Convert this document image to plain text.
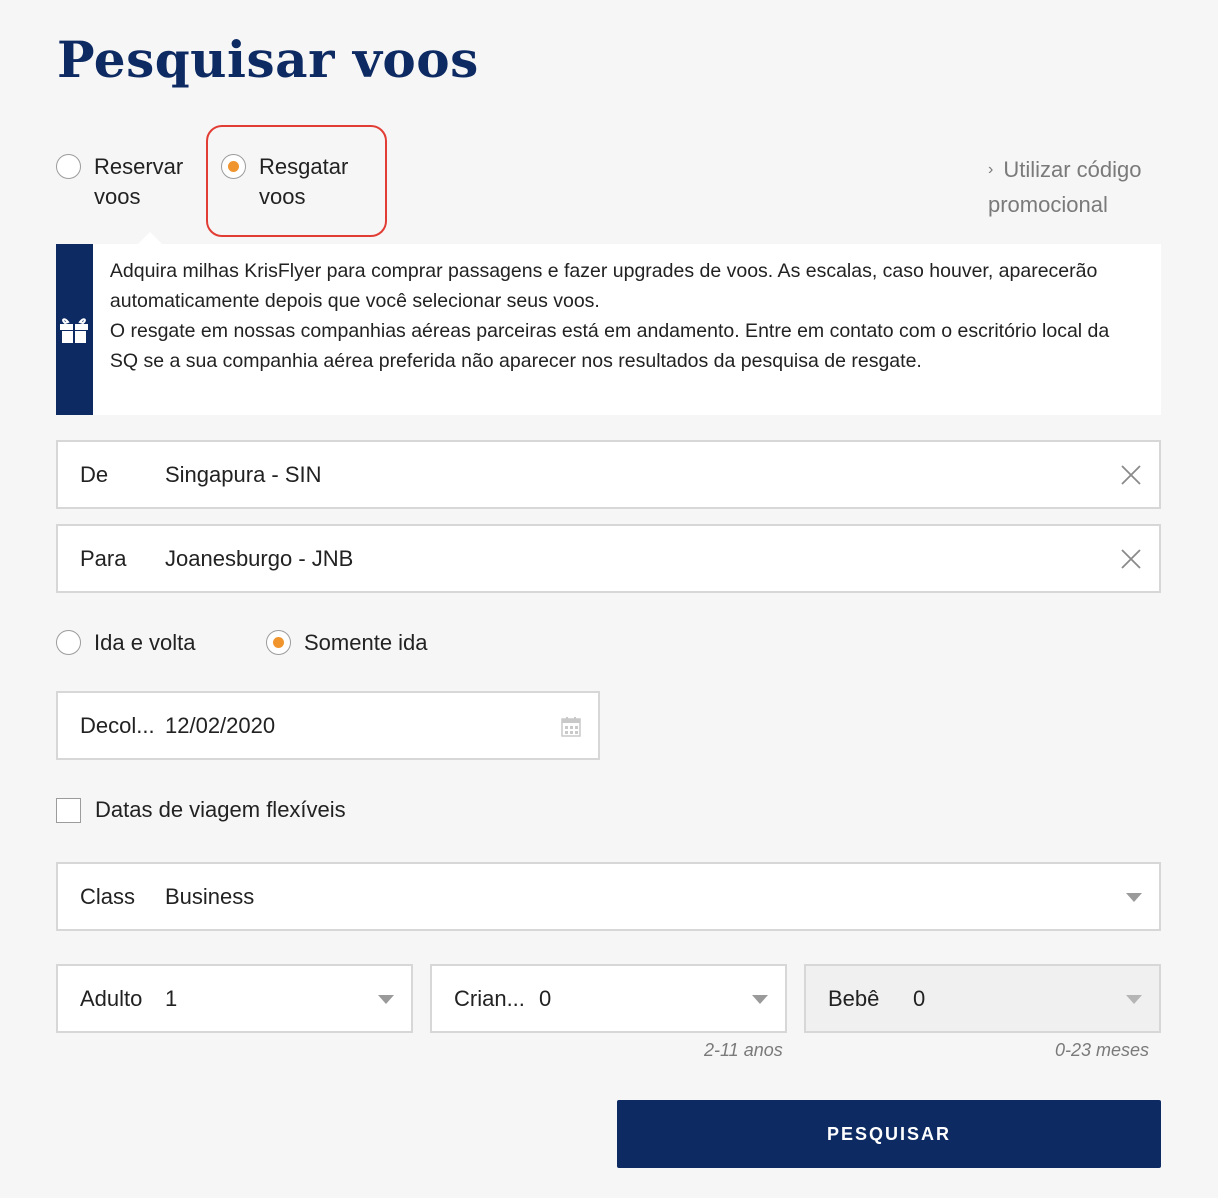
Pesquisar voos
Reservar voos
Resgatar voos
› Utilizar código promocional
Adquira milhas KrisFlyer para comprar passagens e fazer upgrades de voos. As escalas, caso houver, aparecerão automaticamente depois que você selecionar seus voos.
O resgate em nossas companhias aéreas parceiras está em andamento. Entre em contato com o escritório local da SQ se a sua companhia aérea preferida não aparecer nos resultados da pesquisa de resgate.
De	Singapura - SIN
Para Joanesburgo - JNB
Ida e volta	Somente ida
Decol... 12/02/2020
Datas de viagem flexíveis
Class Business
Adulto 1	Crian... 0	Bebê 0
2-11 anos	0-23 meses
PESQUISAR
